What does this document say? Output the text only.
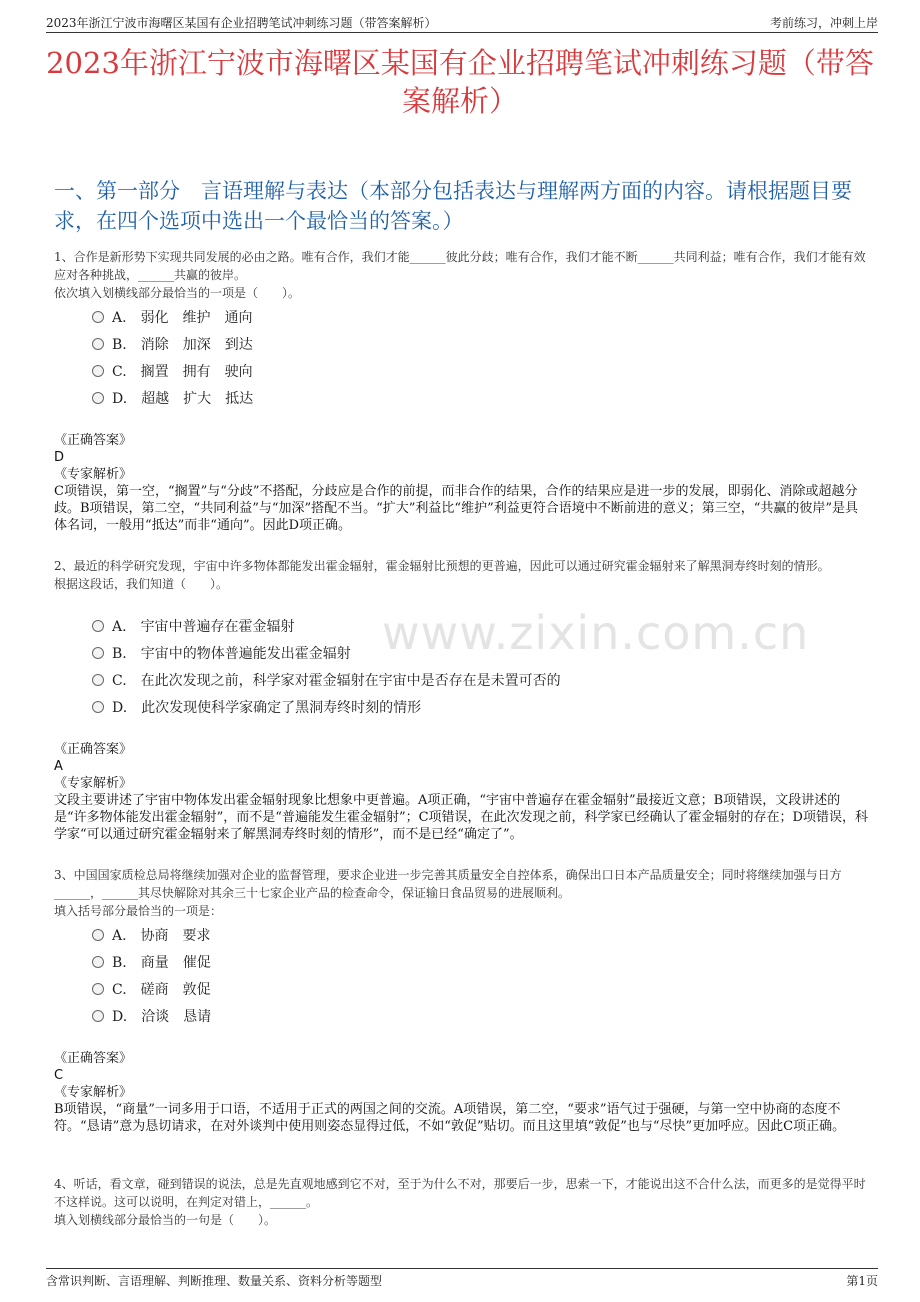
2023年浙江宁波市海曙区某国有企业招聘笔试冲刺练习题（带答案解析）	考前练习，冲刺上岸
2023年浙江宁波市海曙区某国有企业招聘笔试冲刺练习题（带答案解析）
一、第一部分　言语理解与表达（本部分包括表达与理解两方面的内容。请根据题目要求，在四个选项中选出一个最恰当的答案。）
www.zixin.com.cn

1、合作是新形势下实现共同发展的必由之路。唯有合作，我们才能______彼此分歧；唯有合作，我们才能不断______共同利益；唯有合作，我们才能有效应对各种挑战，______共赢的彼岸。

依次填入划横线部分最恰当的一项是（　　）。

A. 弱化　维护　通向
B. 消除　加深　到达
C. 搁置　拥有　驶向
D. 超越　扩大　抵达
《正确答案》
D
《专家解析》
C项错误，第一空，“搁置”与“分歧”不搭配，分歧应是合作的前提，而非合作的结果，合作的结果应是进一步的发展，即弱化、消除或超越分歧。B项错误，第二空，“共同利益”与“加深”搭配不当。“扩大”利益比“维护”利益更符合语境中不断前进的意义；第三空，“共赢的彼岸”是具体名词，一般用“抵达”而非“通向”。因此D项正确。

2、最近的科学研究发现，宇宙中许多物体都能发出霍金辐射，霍金辐射比预想的更普遍，因此可以通过研究霍金辐射来了解黑洞寿终时刻的情形。

根据这段话，我们知道（　　）。

A. 宇宙中普遍存在霍金辐射
B. 宇宙中的物体普遍能发出霍金辐射
C. 在此次发现之前，科学家对霍金辐射在宇宙中是否存在是未置可否的
D. 此次发现使科学家确定了黑洞寿终时刻的情形
《正确答案》
A
《专家解析》
文段主要讲述了宇宙中物体发出霍金辐射现象比想象中更普遍。A项正确，“宇宙中普遍存在霍金辐射”最接近文意；B项错误，文段讲述的是“许多物体能发出霍金辐射”，而不是“普遍能发生霍金辐射”；C项错误，在此次发现之前，科学家已经确认了霍金辐射的存在；D项错误，科学家“可以通过研究霍金辐射来了解黑洞寿终时刻的情形”，而不是已经“确定了”。

3、中国国家质检总局将继续加强对企业的监督管理，要求企业进一步完善其质量安全自控体系，确保出口日本产品质量安全；同时将继续加强与日方______，______其尽快解除对其余三十七家企业产品的检查命令，保证输日食品贸易的进展顺利。

填入括号部分最恰当的一项是：

A. 协商　要求
B. 商量　催促
C. 磋商　敦促
D. 洽谈　恳请
《正确答案》
C
《专家解析》
B项错误，“商量”一词多用于口语，不适用于正式的两国之间的交流。A项错误，第二空，“要求”语气过于强硬，与第一空中协商的态度不符。“恳请”意为恳切请求，在对外谈判中使用则姿态显得过低，不如“敦促”贴切。而且这里填“敦促”也与“尽快”更加呼应。因此C项正确。

4、听话，看文章，碰到错误的说法，总是先直观地感到它不对，至于为什么不对，那要后一步，思索一下，才能说出这不合什么法，而更多的是觉得平时不这样说。这可以说明，在判定对错上，______。

填入划横线部分最恰当的一句是（　　）。

含常识判断、言语理解、判断推理、数量关系、资料分析等题型	第1页
